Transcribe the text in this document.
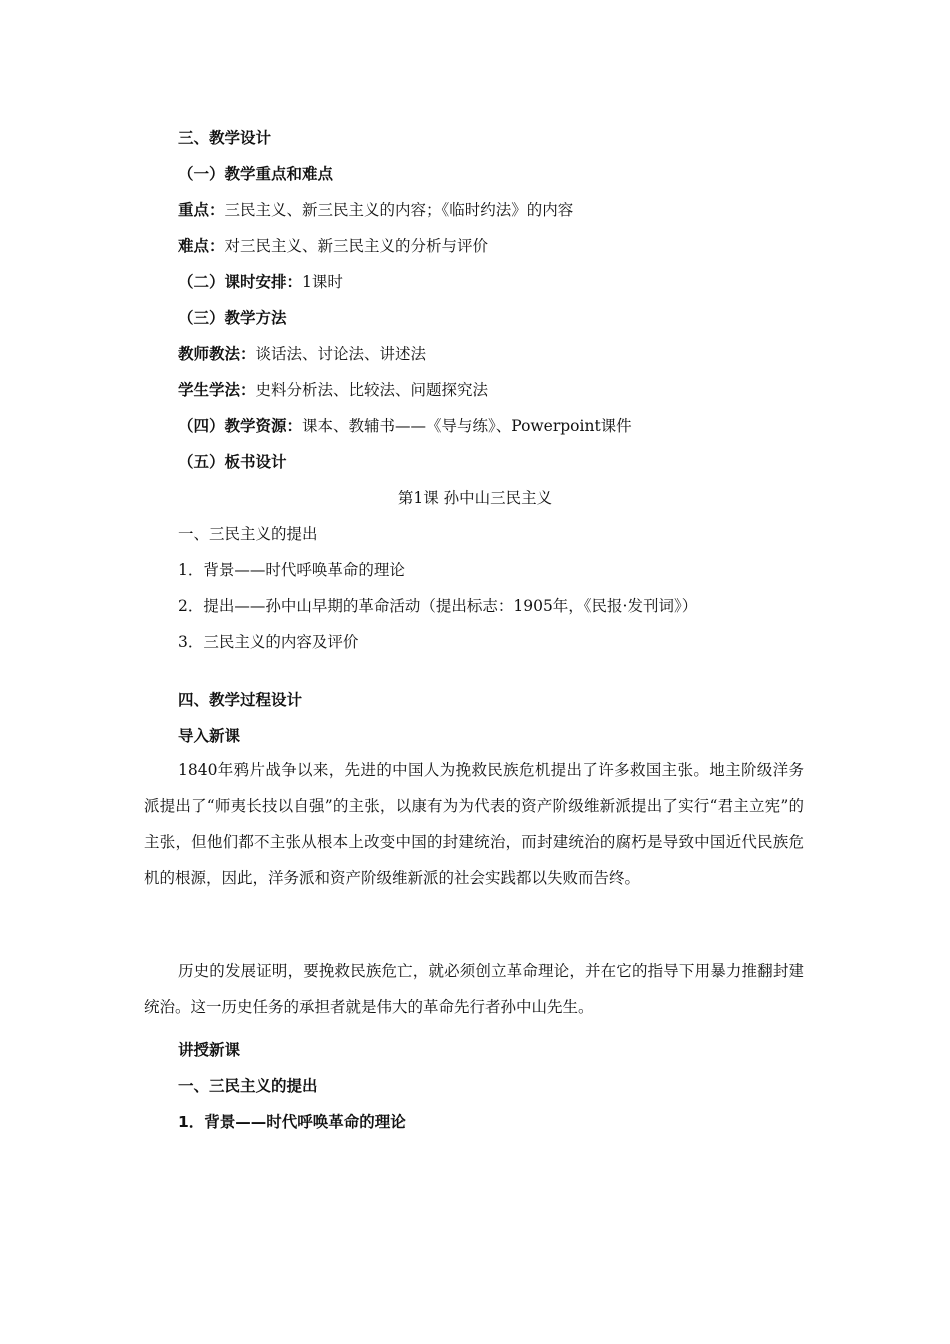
三、教学设计
（一）教学重点和难点
重点：三民主义、新三民主义的内容；《临时约法》的内容
难点：对三民主义、新三民主义的分析与评价
（二）课时安排：1课时
（三）教学方法
教师教法：谈话法、讨论法、讲述法
学生学法：史料分析法、比较法、问题探究法
（四）教学资源：课本、教辅书——《导与练》、Powerpoint课件
（五）板书设计
第1课 孙中山三民主义
一、三民主义的提出
1．背景——时代呼唤革命的理论
2．提出——孙中山早期的革命活动（提出标志：1905年，《民报·发刊词》）
3．三民主义的内容及评价
四、教学过程设计
导入新课
1840年鸦片战争以来，先进的中国人为挽救民族危机提出了许多救国主张。地主阶级洋务派提出了“师夷长技以自强”的主张，以康有为为代表的资产阶级维新派提出了实行“君主立宪”的主张，但他们都不主张从根本上改变中国的封建统治，而封建统治的腐朽是导致中国近代民族危机的根源，因此，洋务派和资产阶级维新派的社会实践都以失败而告终。
历史的发展证明，要挽救民族危亡，就必须创立革命理论，并在它的指导下用暴力推翻封建统治。这一历史任务的承担者就是伟大的革命先行者孙中山先生。
讲授新课
一、三民主义的提出
1．背景——时代呼唤革命的理论
